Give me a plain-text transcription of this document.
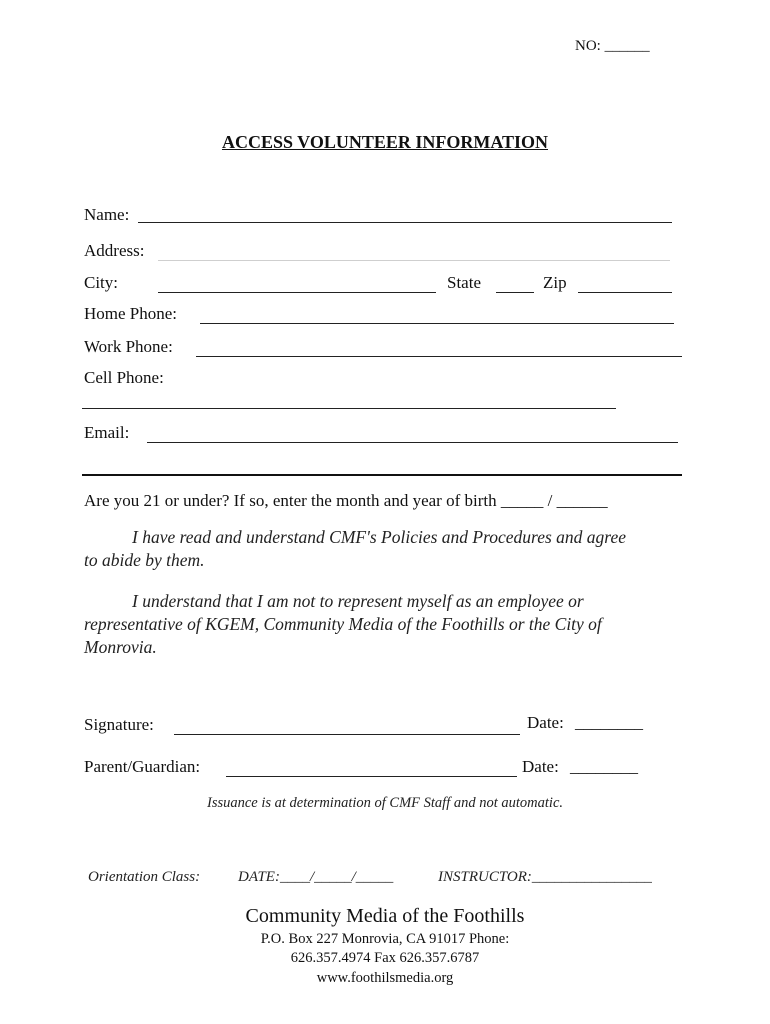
NO: ______
ACCESS VOLUNTEER INFORMATION
Name:
Address:
City:	State	Zip
Home Phone:
Work Phone:
Cell Phone:
Email:
Are you 21 or under? If so, enter the month and year of birth _____ / ______
I have read and understand CMF's Policies and Procedures and agree
to abide by them.
I understand that I am not to represent myself as an employee or
representative of KGEM, Community Media of the Foothills or the City of
Monrovia.
Signature:	Date: ________
Parent/Guardian:	Date: ________
Issuance is at determination of CMF Staff and not automatic.
Orientation Class:	DATE:____/_____/_____	INSTRUCTOR:________________
Community Media of the Foothills
P.O. Box 227 Monrovia, CA 91017 Phone:
626.357.4974 Fax 626.357.6787
www.foothilsmedia.org
